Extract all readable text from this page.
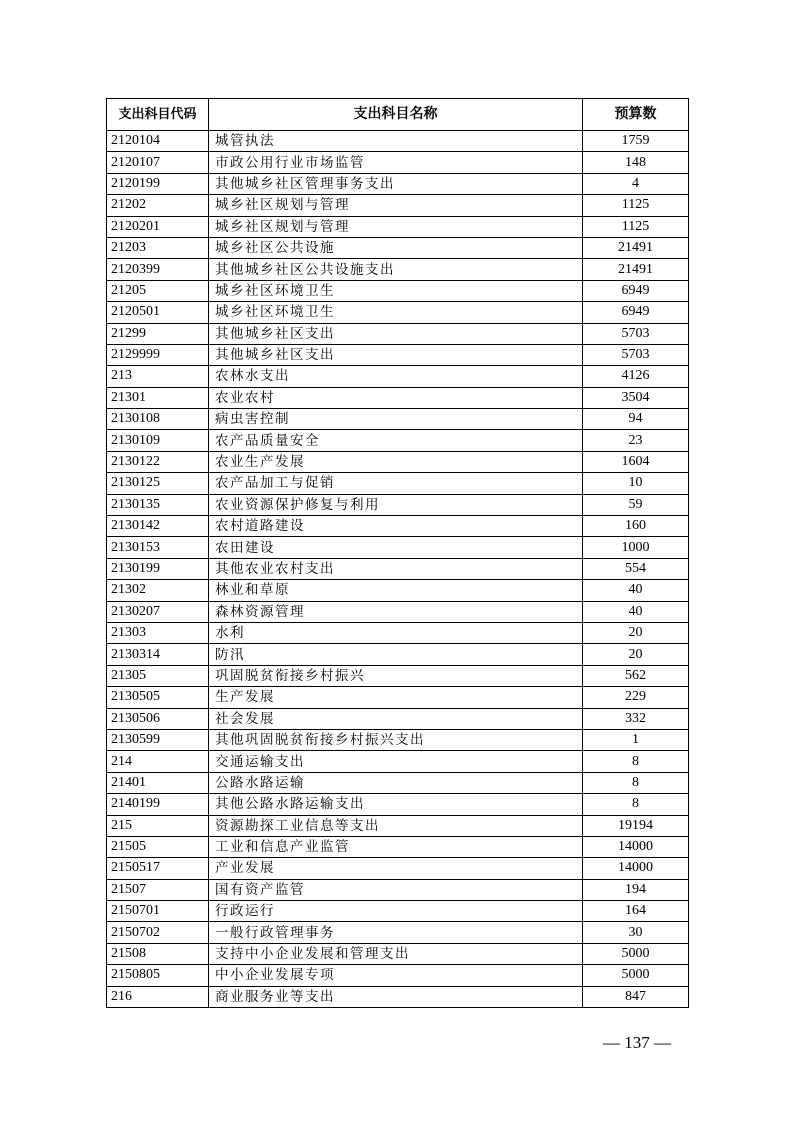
支出科目代码	支出科目名称	预算数
2120104	城管执法	1759
2120107	市政公用行业市场监管	148
2120199	其他城乡社区管理事务支出	4
21202	城乡社区规划与管理	1125
2120201	城乡社区规划与管理	1125
21203	城乡社区公共设施	21491
2120399	其他城乡社区公共设施支出	21491
21205	城乡社区环境卫生	6949
2120501	城乡社区环境卫生	6949
21299	其他城乡社区支出	5703
2129999	其他城乡社区支出	5703
213	农林水支出	4126
21301	农业农村	3504
2130108	病虫害控制	94
2130109	农产品质量安全	23
2130122	农业生产发展	1604
2130125	农产品加工与促销	10
2130135	农业资源保护修复与利用	59
2130142	农村道路建设	160
2130153	农田建设	1000
2130199	其他农业农村支出	554
21302	林业和草原	40
2130207	森林资源管理	40
21303	水利	20
2130314	防汛	20
21305	巩固脱贫衔接乡村振兴	562
2130505	生产发展	229
2130506	社会发展	332
2130599	其他巩固脱贫衔接乡村振兴支出	1
214	交通运输支出	8
21401	公路水路运输	8
2140199	其他公路水路运输支出	8
215	资源勘探工业信息等支出	19194
21505	工业和信息产业监管	14000
2150517	产业发展	14000
21507	国有资产监管	194
2150701	行政运行	164
2150702	一般行政管理事务	30
21508	支持中小企业发展和管理支出	5000
2150805	中小企业发展专项	5000
216	商业服务业等支出	847
— 137 —
